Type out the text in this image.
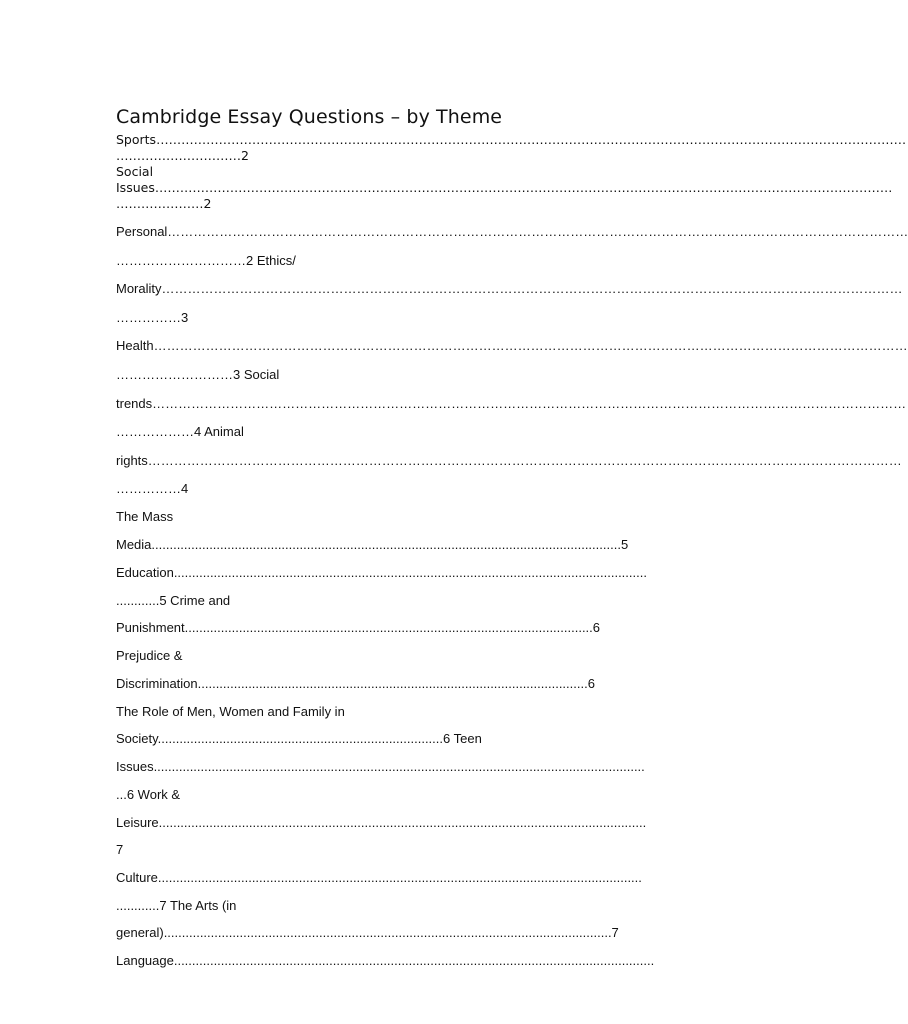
Cambridge Essay Questions – by Theme
Sports………………………………………………………………………………………………………………………………………………………………
…………………………2
Social
Issues……………………………………………………………………………………………………………………………………………………………
…………………2
Personal………………………………………………………………………………………………………………………………………………………
…………………………2 Ethics/
Morality………………………………………………………………………………………………………………………………………………………
……………3
Health…………………………………………………………………………………………………………………………………………………………
………………………3 Social
trends…………………………………………………………………………………………………………………………………………………………
………………4 Animal
rights…………………………………………………………………………………………………………………………………………………………
……………4
The Mass
Media..................................................................................................................................5
Education...................................................................................................................................
............5 Crime and
Punishment.................................................................................................................6
Prejudice &
Discrimination............................................................................................................6
The Role of Men, Women and Family in
Society...............................................................................6 Teen
Issues........................................................................................................................................
...6 Work &
Leisure.......................................................................................................................................
7
Culture......................................................................................................................................
............7 The Arts (in
general)............................................................................................................................7
Language.....................................................................................................................................
